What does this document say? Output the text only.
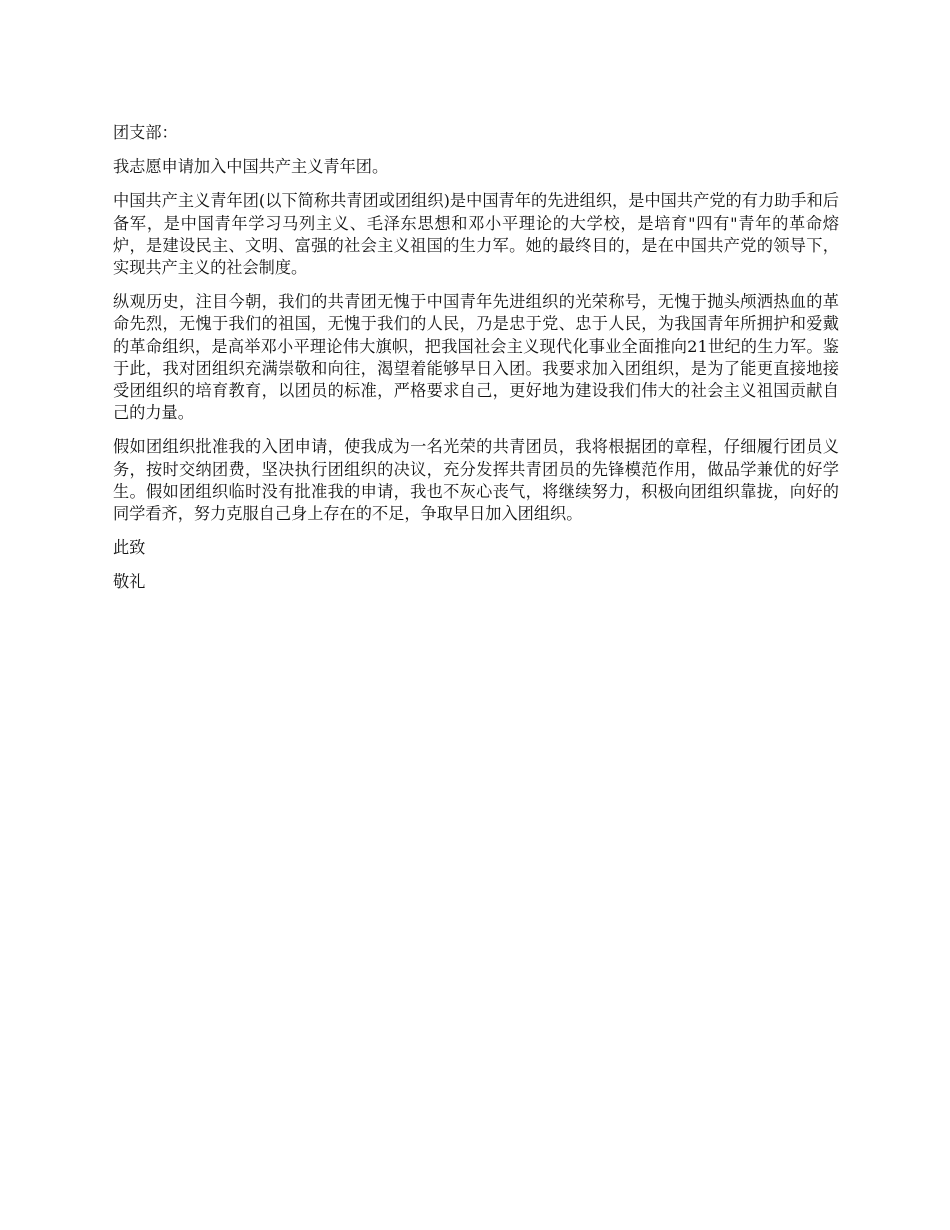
团支部：

我志愿申请加入中国共产主义青年团。

中国共产主义青年团(以下简称共青团或团组织)是中国青年的先进组织，是中国共产党的有力助手和后备军，是中国青年学习马列主义、毛泽东思想和邓小平理论的大学校，是培育"四有"青年的革命熔炉，是建设民主、文明、富强的社会主义祖国的生力军。她的最终目的，是在中国共产党的领导下，实现共产主义的社会制度。

纵观历史，注目今朝，我们的共青团无愧于中国青年先进组织的光荣称号，无愧于抛头颅洒热血的革命先烈，无愧于我们的祖国，无愧于我们的人民，乃是忠于党、忠于人民，为我国青年所拥护和爱戴的革命组织，是高举邓小平理论伟大旗帜，把我国社会主义现代化事业全面推向21世纪的生力军。鉴于此，我对团组织充满崇敬和向往，渴望着能够早日入团。我要求加入团组织，是为了能更直接地接受团组织的培育教育，以团员的标准，严格要求自己，更好地为建设我们伟大的社会主义祖国贡献自己的力量。

假如团组织批准我的入团申请，使我成为一名光荣的共青团员，我将根据团的章程，仔细履行团员义务，按时交纳团费，坚决执行团组织的决议，充分发挥共青团员的先锋模范作用，做品学兼优的好学生。假如团组织临时没有批准我的申请，我也不灰心丧气，将继续努力，积极向团组织靠拢，向好的同学看齐，努力克服自己身上存在的不足，争取早日加入团组织。

此致

敬礼
